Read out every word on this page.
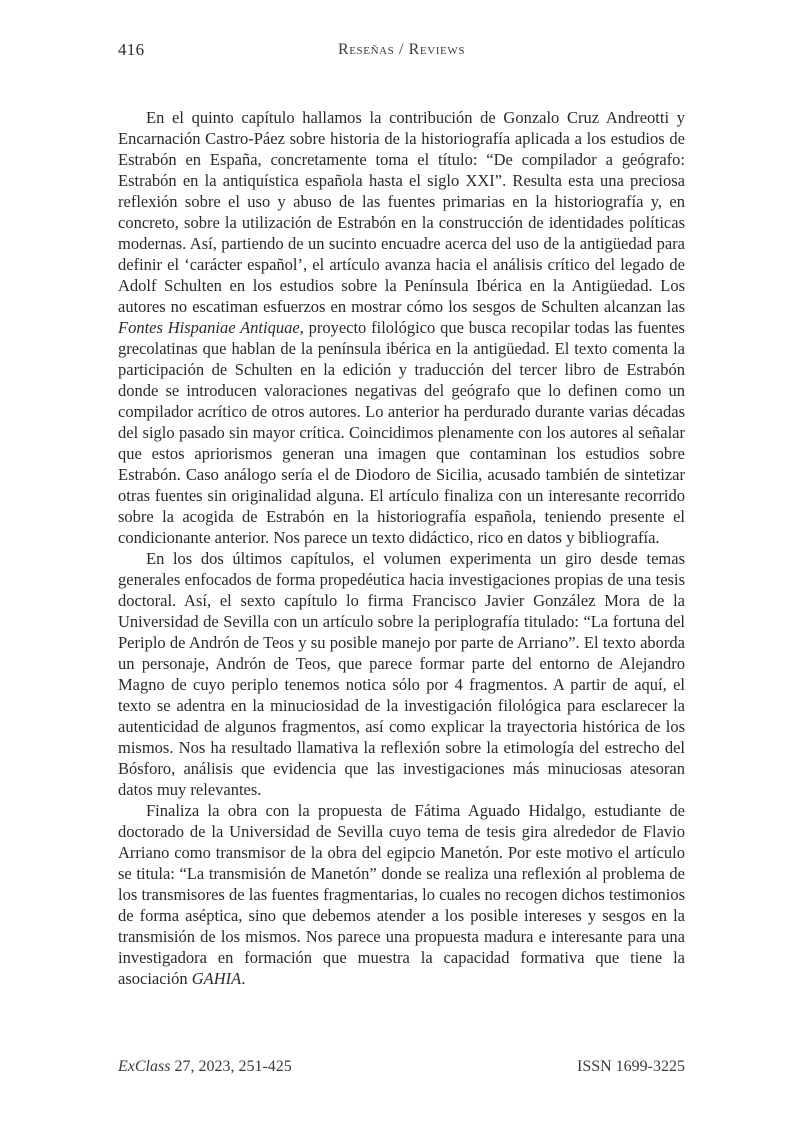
416	Reseñas / Reviews

En el quinto capítulo hallamos la contribución de Gonzalo Cruz Andreotti y Encarnación Castro-Páez sobre historia de la historiografía aplicada a los estudios de Estrabón en España, concretamente toma el título: “De compilador a geógrafo: Estrabón en la antiquística española hasta el siglo XXI”. Resulta esta una preciosa reflexión sobre el uso y abuso de las fuentes primarias en la historiografía y, en concreto, sobre la utilización de Estrabón en la construcción de identidades políticas modernas. Así, partiendo de un sucinto encuadre acerca del uso de la antigüedad para definir el ‘carácter español’, el artículo avanza hacia el análisis crítico del legado de Adolf Schulten en los estudios sobre la Península Ibérica en la Antigüedad. Los autores no escatiman esfuerzos en mostrar cómo los sesgos de Schulten alcanzan las Fontes Hispaniae Antiquae, proyecto filológico que busca recopilar todas las fuentes grecolatinas que hablan de la península ibérica en la antigüedad. El texto comenta la participación de Schulten en la edición y traducción del tercer libro de Estrabón donde se introducen valoraciones negativas del geógrafo que lo definen como un compilador acrítico de otros autores. Lo anterior ha perdurado durante varias décadas del siglo pasado sin mayor crítica. Coincidimos plenamente con los autores al señalar que estos apriorismos generan una imagen que contaminan los estudios sobre Estrabón. Caso análogo sería el de Diodoro de Sicilia, acusado también de sintetizar otras fuentes sin originalidad alguna. El artículo finaliza con un interesante recorrido sobre la acogida de Estrabón en la historiografía española, teniendo presente el condicionante anterior. Nos parece un texto didáctico, rico en datos y bibliografía.

En los dos últimos capítulos, el volumen experimenta un giro desde temas generales enfocados de forma propedéutica hacia investigaciones propias de una tesis doctoral. Así, el sexto capítulo lo firma Francisco Javier González Mora de la Universidad de Sevilla con un artículo sobre la periplografía titulado: “La fortuna del Periplo de Andrón de Teos y su posible manejo por parte de Arriano”. El texto aborda un personaje, Andrón de Teos, que parece formar parte del entorno de Alejandro Magno de cuyo periplo tenemos notica sólo por 4 fragmentos. A partir de aquí, el texto se adentra en la minuciosidad de la investigación filológica para esclarecer la autenticidad de algunos fragmentos, así como explicar la trayectoria histórica de los mismos. Nos ha resultado llamativa la reflexión sobre la etimología del estrecho del Bósforo, análisis que evidencia que las investigaciones más minuciosas atesoran datos muy relevantes.

Finaliza la obra con la propuesta de Fátima Aguado Hidalgo, estudiante de doctorado de la Universidad de Sevilla cuyo tema de tesis gira alrededor de Flavio Arriano como transmisor de la obra del egipcio Manetón. Por este motivo el artículo se titula: “La transmisión de Manetón” donde se realiza una reflexión al problema de los transmisores de las fuentes fragmentarias, lo cuales no recogen dichos testimonios de forma aséptica, sino que debemos atender a los posible intereses y sesgos en la transmisión de los mismos. Nos parece una propuesta madura e interesante para una investigadora en formación que muestra la capacidad formativa que tiene la asociación GAHIA.

ExClass 27, 2023, 251-425	ISSN 1699-3225
